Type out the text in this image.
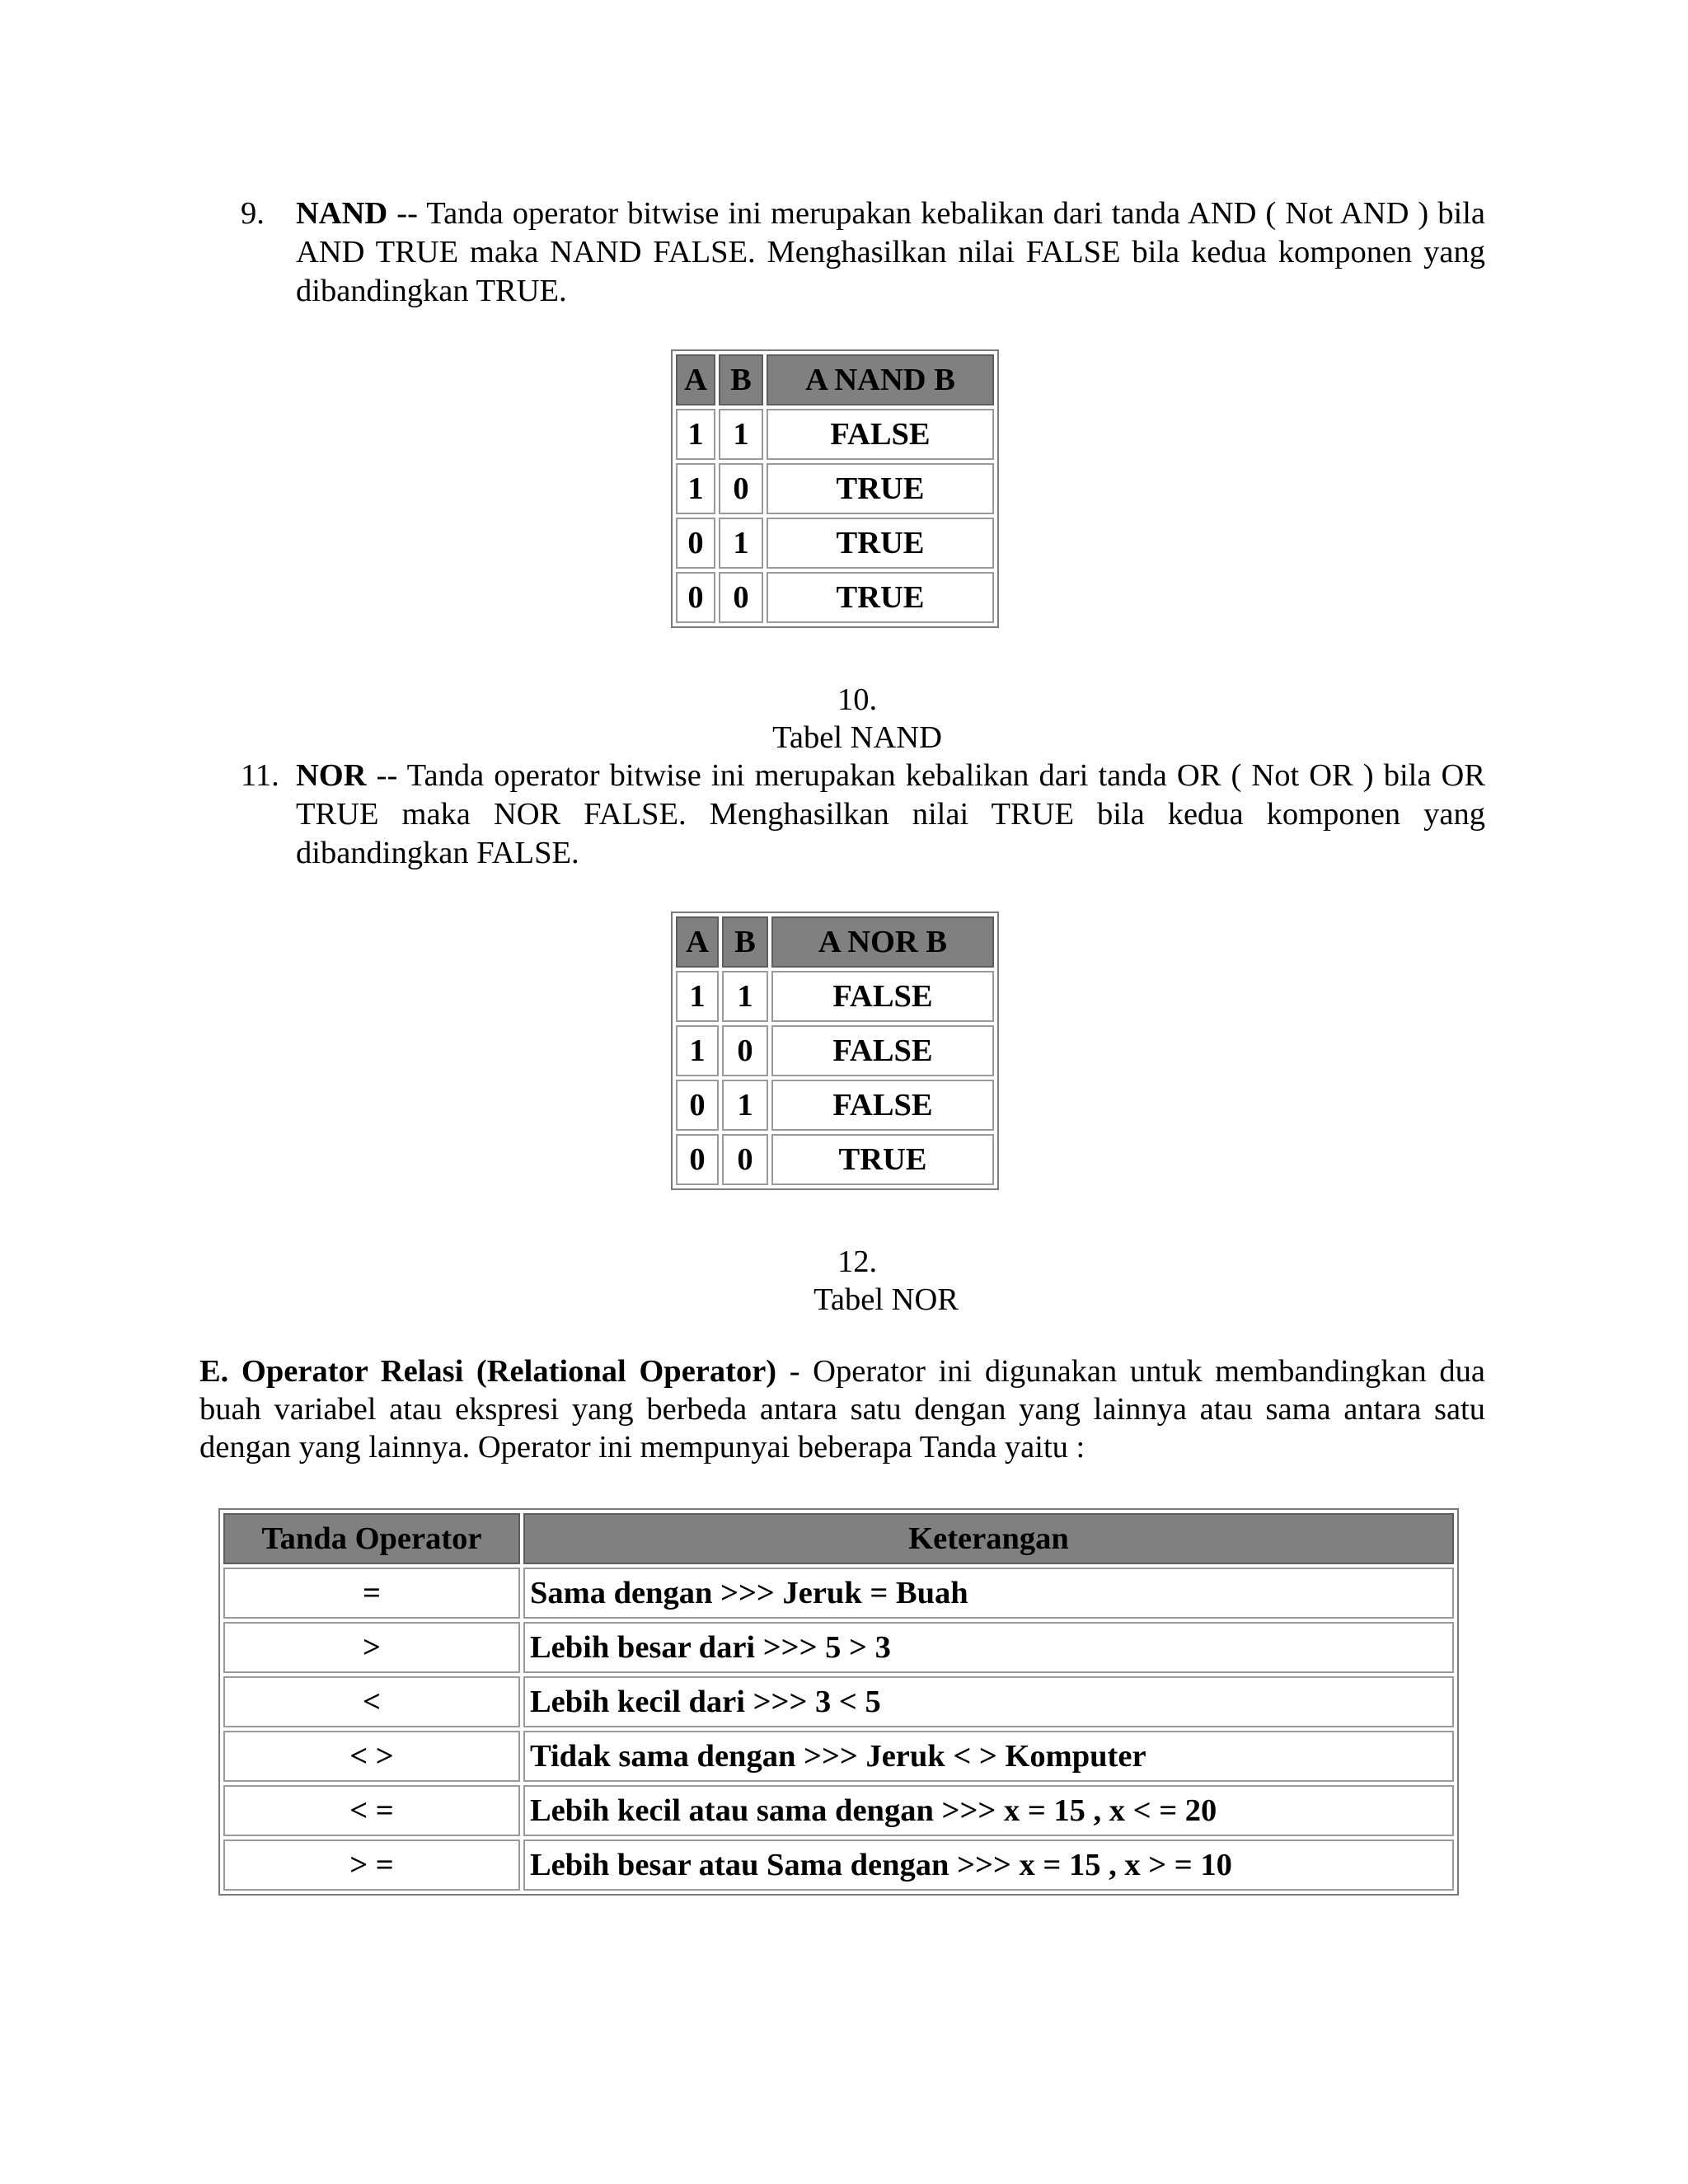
9. NAND -- Tanda operator bitwise ini merupakan kebalikan dari tanda AND ( Not AND ) bila AND TRUE maka NAND FALSE. Menghasilkan nilai FALSE bila kedua komponen yang dibandingkan TRUE.
A	B	A NAND B
1	1	FALSE
1	0	TRUE
0	1	TRUE
0	0	TRUE
10.
Tabel NAND
11. NOR -- Tanda operator bitwise ini merupakan kebalikan dari tanda OR ( Not OR ) bila OR TRUE maka NOR FALSE. Menghasilkan nilai TRUE bila kedua komponen yang dibandingkan FALSE.
A	B	A NOR B
1	1	FALSE
1	0	FALSE
0	1	FALSE
0	0	TRUE
12.
Tabel NOR
E. Operator Relasi (Relational Operator) - Operator ini digunakan untuk membandingkan dua buah variabel atau ekspresi yang berbeda antara satu dengan yang lainnya atau sama antara satu dengan yang lainnya. Operator ini mempunyai beberapa Tanda yaitu :
Tanda Operator	Keterangan
=	Sama dengan >>> Jeruk = Buah
>	Lebih besar dari >>> 5 > 3
<	Lebih kecil dari >>> 3 < 5
< >	Tidak sama dengan >>> Jeruk < > Komputer
< =	Lebih kecil atau sama dengan >>> x = 15 , x < = 20
> =	Lebih besar atau Sama dengan >>> x = 15 , x > = 10
